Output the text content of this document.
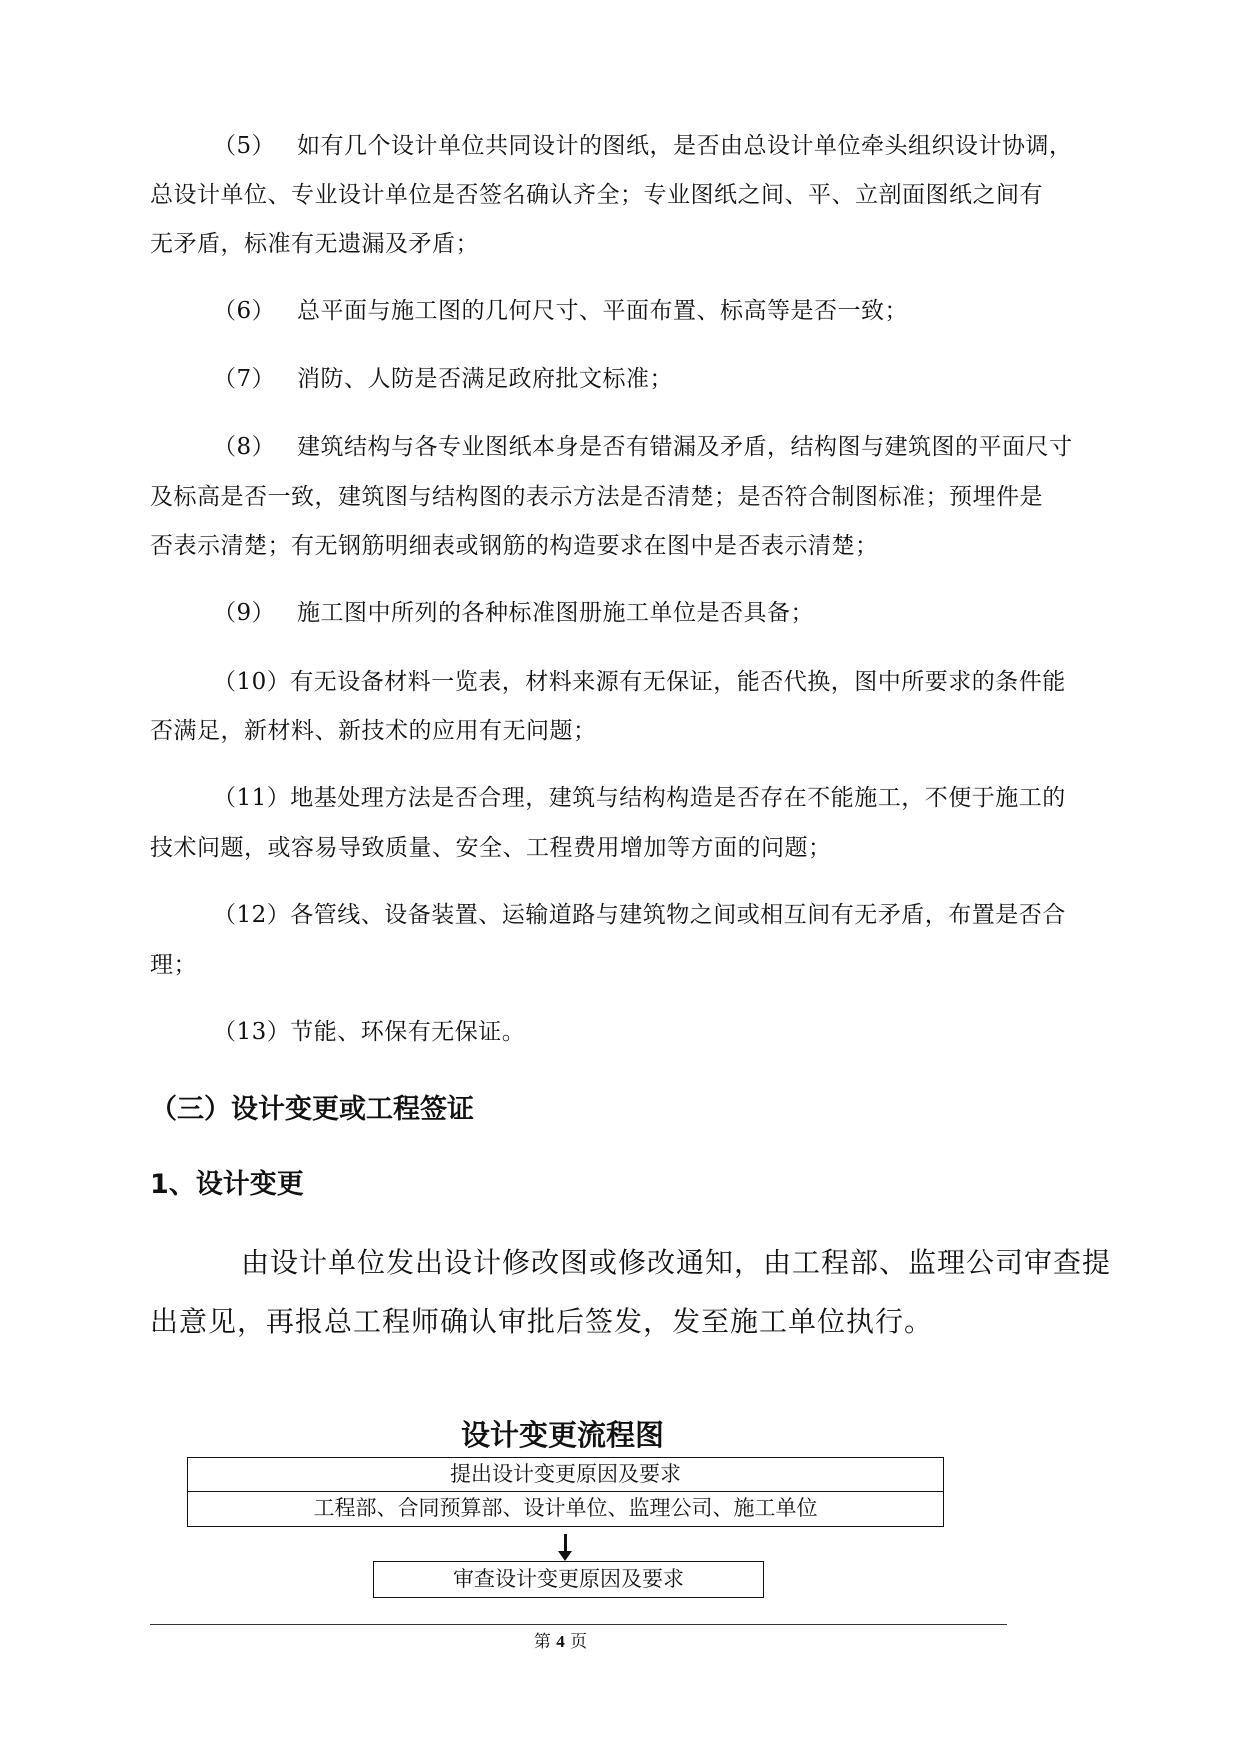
（5） 如有几个设计单位共同设计的图纸，是否由总设计单位牵头组织设计协调，
总设计单位、专业设计单位是否签名确认齐全；专业图纸之间、平、立剖面图纸之间有
无矛盾，标准有无遗漏及矛盾；
（6） 总平面与施工图的几何尺寸、平面布置、标高等是否一致；
（7） 消防、人防是否满足政府批文标准；
（8） 建筑结构与各专业图纸本身是否有错漏及矛盾，结构图与建筑图的平面尺寸
及标高是否一致，建筑图与结构图的表示方法是否清楚；是否符合制图标准；预埋件是
否表示清楚；有无钢筋明细表或钢筋的构造要求在图中是否表示清楚；
（9） 施工图中所列的各种标准图册施工单位是否具备；
（10）有无设备材料一览表，材料来源有无保证，能否代换，图中所要求的条件能
否满足，新材料、新技术的应用有无问题；
（11）地基处理方法是否合理，建筑与结构构造是否存在不能施工，不便于施工的
技术问题，或容易导致质量、安全、工程费用增加等方面的问题；
（12）各管线、设备装置、运输道路与建筑物之间或相互间有无矛盾，布置是否合
理；
（13）节能、环保有无保证。
（三）设计变更或工程签证
1、设计变更
由设计单位发出设计修改图或修改通知，由工程部、监理公司审查提
出意见，再报总工程师确认审批后签发，发至施工单位执行。
设计变更流程图
提出设计变更原因及要求
工程部、合同预算部、设计单位、监理公司、施工单位
审查设计变更原因及要求
第 4 页
